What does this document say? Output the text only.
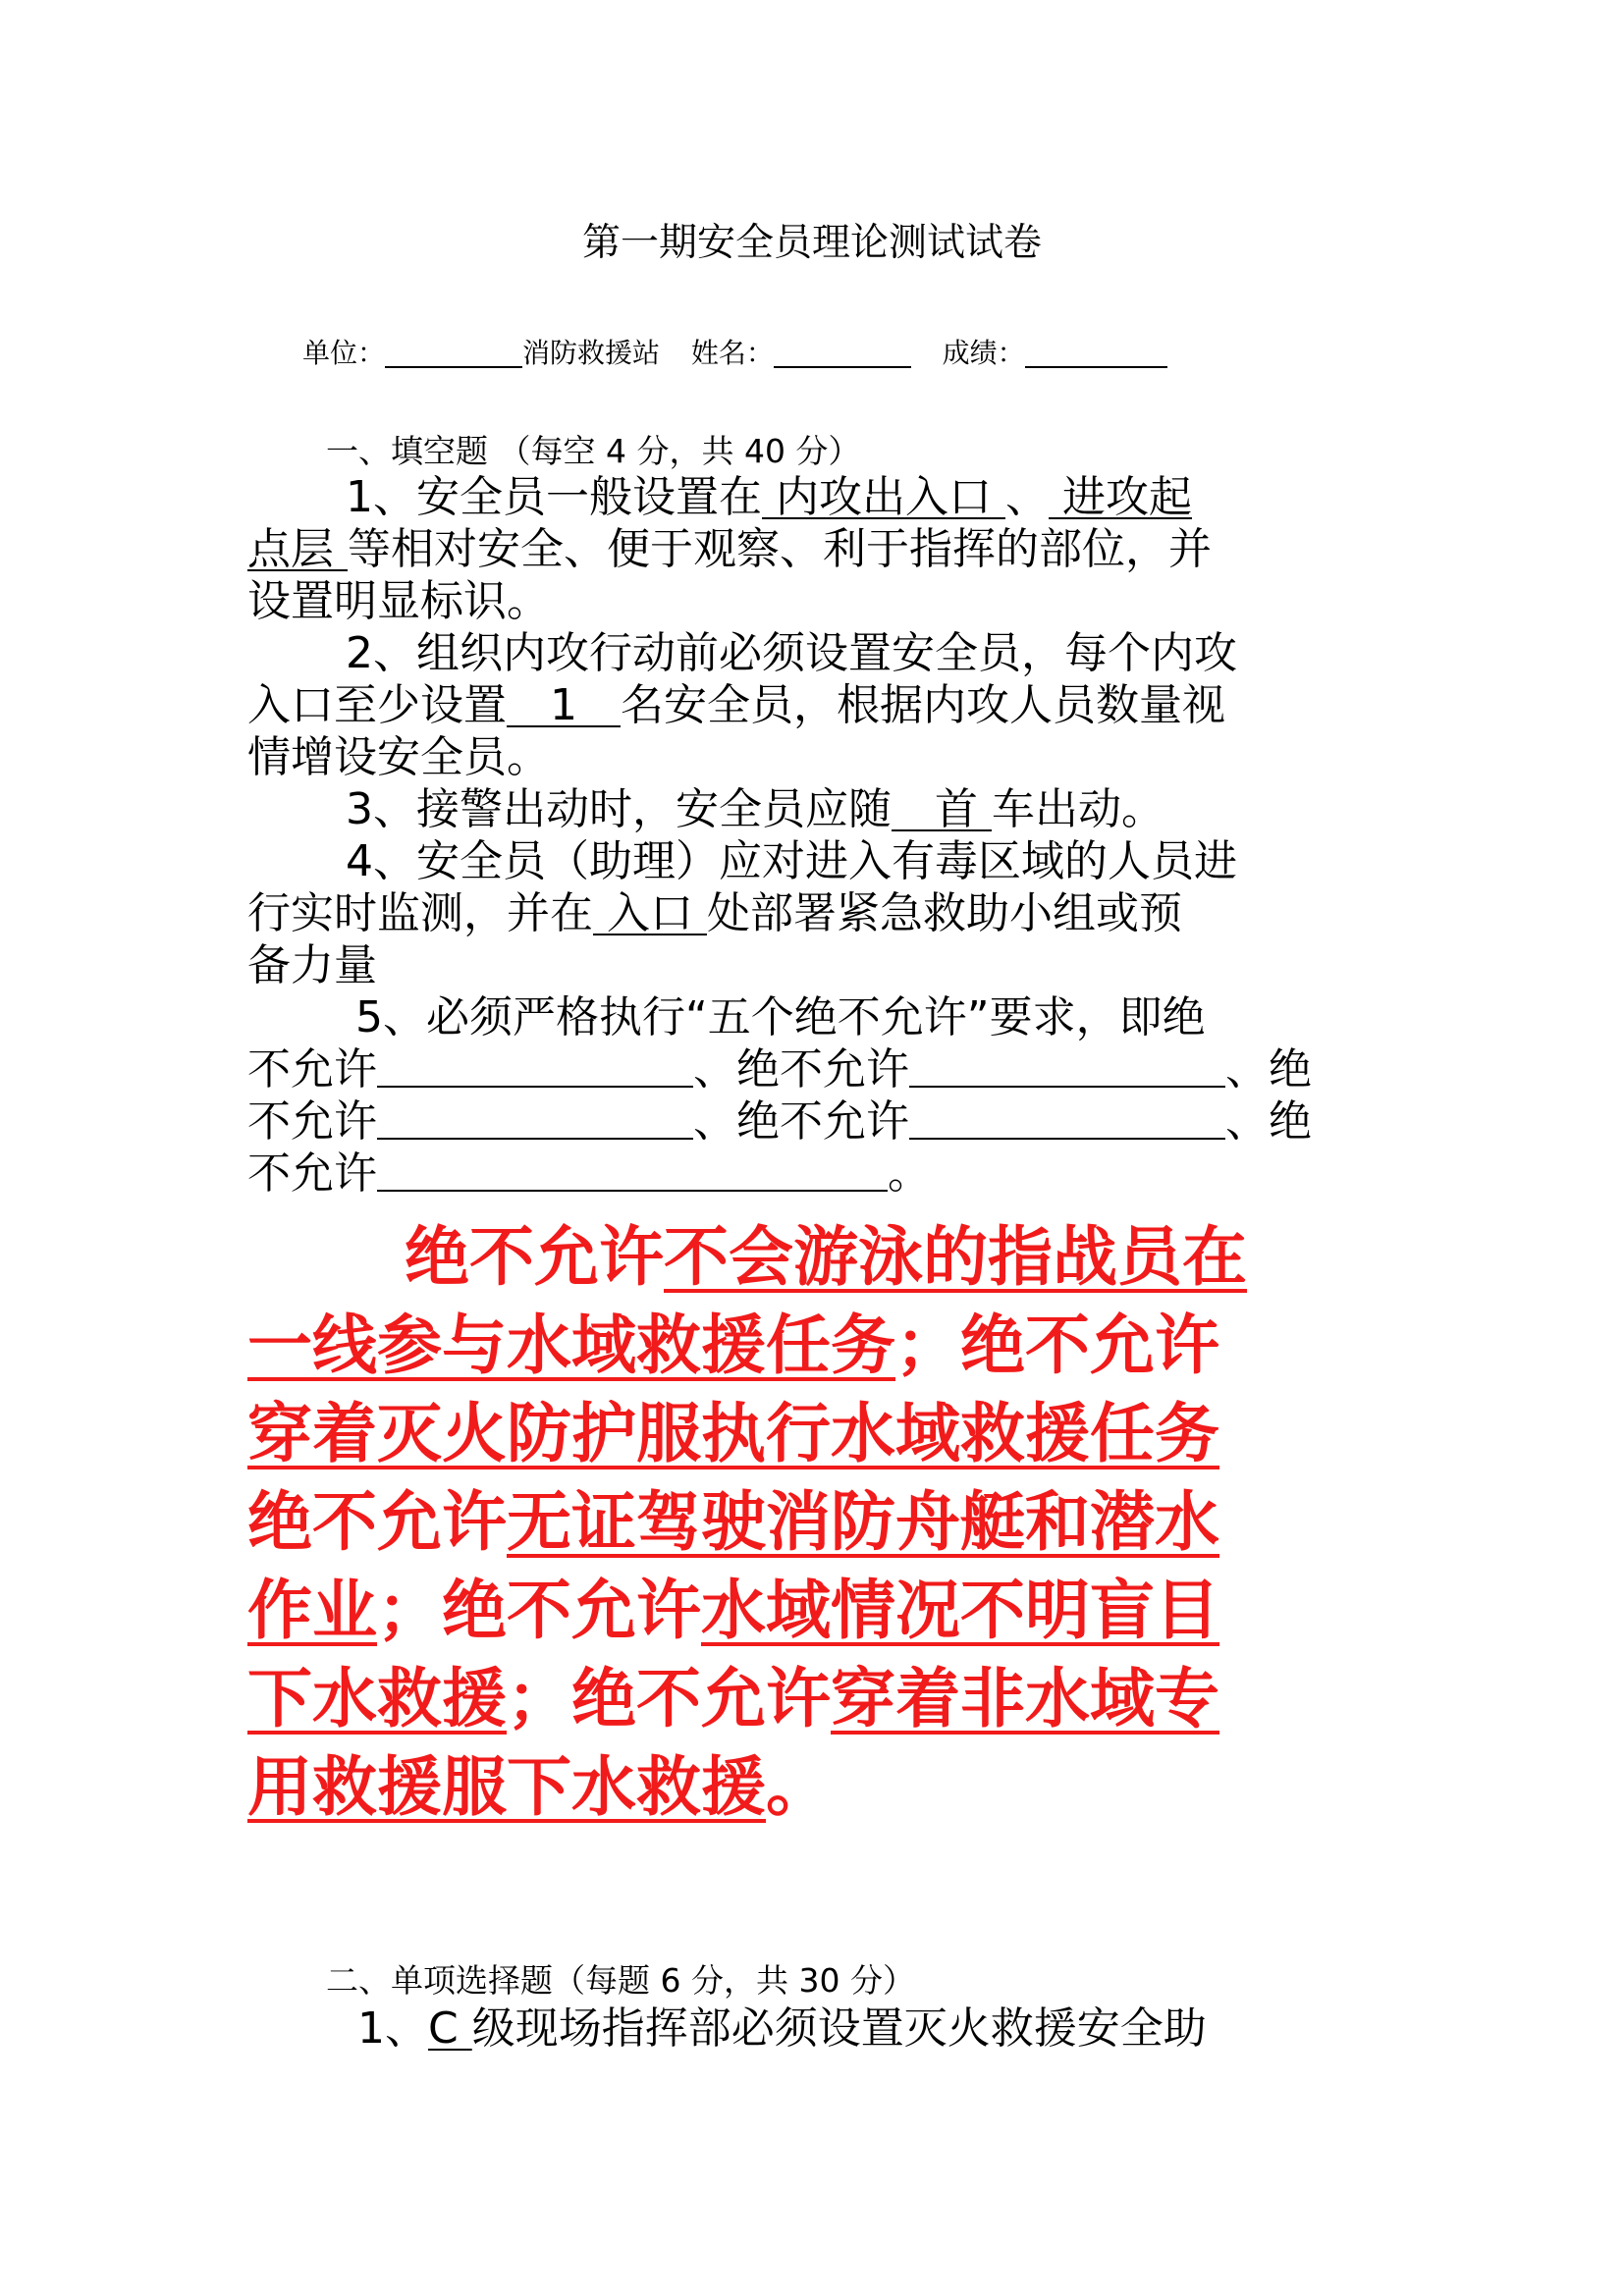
第一期安全员理论测试试卷
单位：	消防救援站 姓名：	成绩：
一、填空题 （每空 4 分，共 40 分）
1、安全员一般设置在 内攻出入口 、 进攻起
点层 等相对安全、便于观察、利于指挥的部位，并
设置明显标识。
2、组织内攻行动前必须设置安全员，每个内攻
入口至少设置　1　名安全员，根据内攻人员数量视
情增设安全员。
3、接警出动时，安全员应随　首 车出动。
4、安全员（助理）应对进入有毒区域的人员进
行实时监测，并在 入口 处部署紧急救助小组或预
备力量
5、必须严格执行“五个绝不允许”要求，即绝
不允许	、绝不允许	、绝
不允许	、绝不允许	、绝
不允许	。
绝不允许不会游泳的指战员在
一线参与水域救援任务；绝不允许
穿着灭火防护服执行水域救援任务
绝不允许无证驾驶消防舟艇和潜水
作业；绝不允许水域情况不明盲目
下水救援；绝不允许穿着非水域专
用救援服下水救援。
二、单项选择题（每题 6 分，共 30 分）
1、C 级现场指挥部必须设置灭火救援安全助
